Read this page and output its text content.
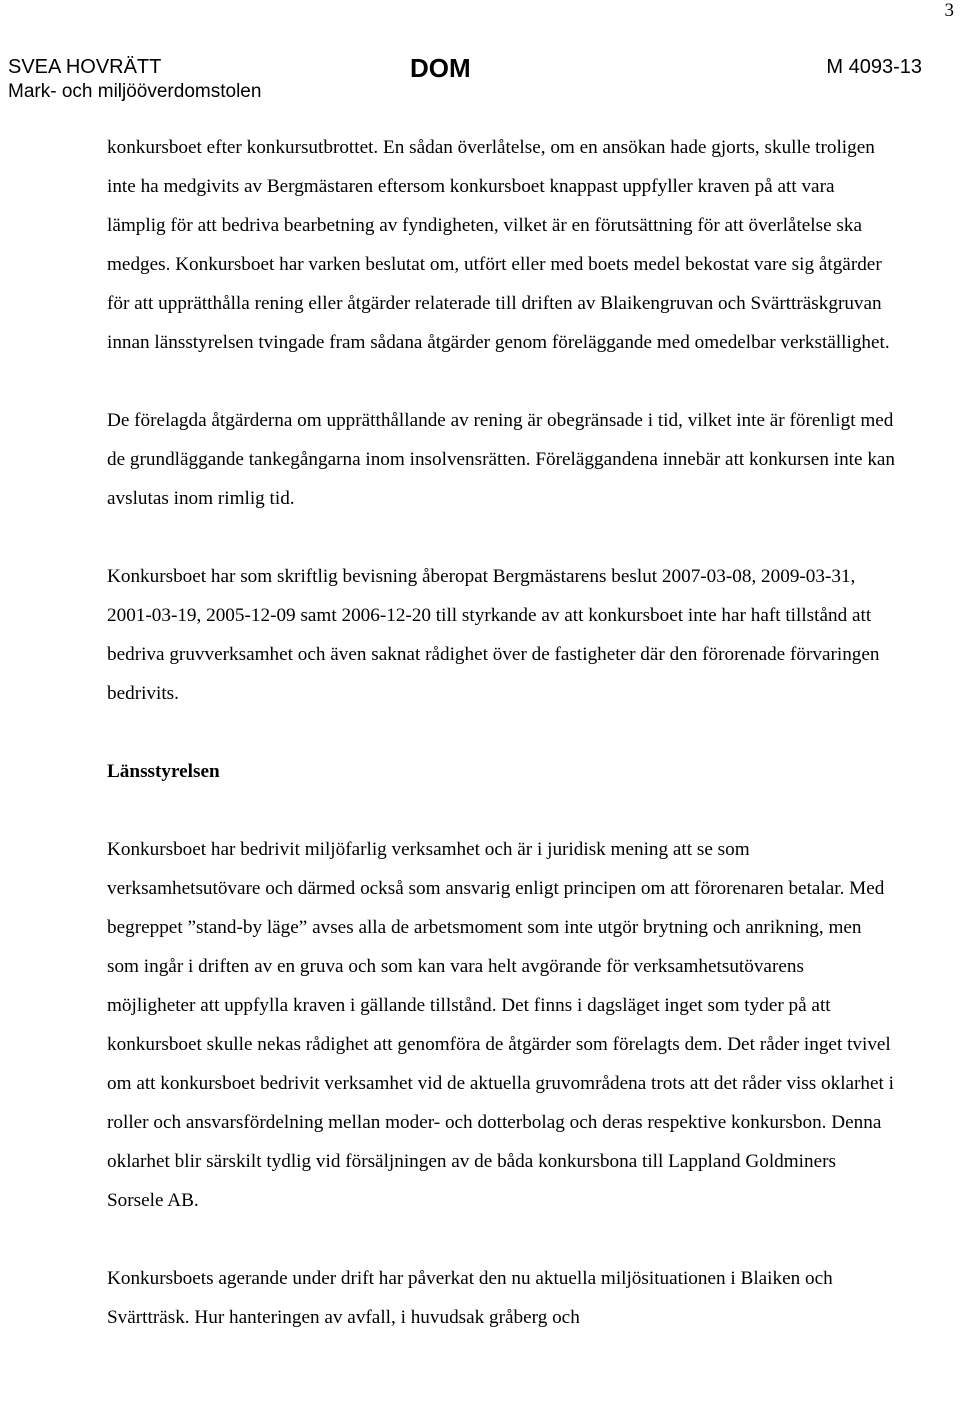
3
SVEA HOVRÄTT
Mark- och miljööverdomstolen
DOM	M 4093-13

konkursboet efter konkursutbrottet. En sådan överlåtelse, om en ansökan hade gjorts, skulle troligen inte ha medgivits av Bergmästaren eftersom konkursboet knappast uppfyller kraven på att vara lämplig för att bedriva bearbetning av fyndigheten, vilket är en förutsättning för att överlåtelse ska medges. Konkursboet har varken beslutat om, utfört eller med boets medel bekostat vare sig åtgärder för att upprätthålla rening eller åtgärder relaterade till driften av Blaikengruvan och Svärtträskgruvan innan länsstyrelsen tvingade fram sådana åtgärder genom föreläggande med omedelbar verkställighet.

De förelagda åtgärderna om upprätthållande av rening är obegränsade i tid, vilket inte är förenligt med de grundläggande tankegångarna inom insolvensrätten. Föreläggandena innebär att konkursen inte kan avslutas inom rimlig tid.

Konkursboet har som skriftlig bevisning åberopat Bergmästarens beslut 2007-03-08, 2009-03-31, 2001-03-19, 2005-12-09 samt 2006-12-20 till styrkande av att konkursboet inte har haft tillstånd att bedriva gruvverksamhet och även saknat rådighet över de fastigheter där den förorenade förvaringen bedrivits.

Länsstyrelsen

Konkursboet har bedrivit miljöfarlig verksamhet och är i juridisk mening att se som verksamhetsutövare och därmed också som ansvarig enligt principen om att förorenaren betalar. Med begreppet ”stand-by läge” avses alla de arbetsmoment som inte utgör brytning och anrikning, men som ingår i driften av en gruva och som kan vara helt avgörande för verksamhetsutövarens möjligheter att uppfylla kraven i gällande tillstånd. Det finns i dagsläget inget som tyder på att konkursboet skulle nekas rådighet att genomföra de åtgärder som förelagts dem. Det råder inget tvivel om att konkursboet bedrivit verksamhet vid de aktuella gruvområdena trots att det råder viss oklarhet i roller och ansvarsfördelning mellan moder- och dotterbolag och deras respektive konkursbon. Denna oklarhet blir särskilt tydlig vid försäljningen av de båda konkursbona till Lappland Goldminers Sorsele AB.

Konkursboets agerande under drift har påverkat den nu aktuella miljösituationen i Blaiken och Svärtträsk. Hur hanteringen av avfall, i huvudsak gråberg och
